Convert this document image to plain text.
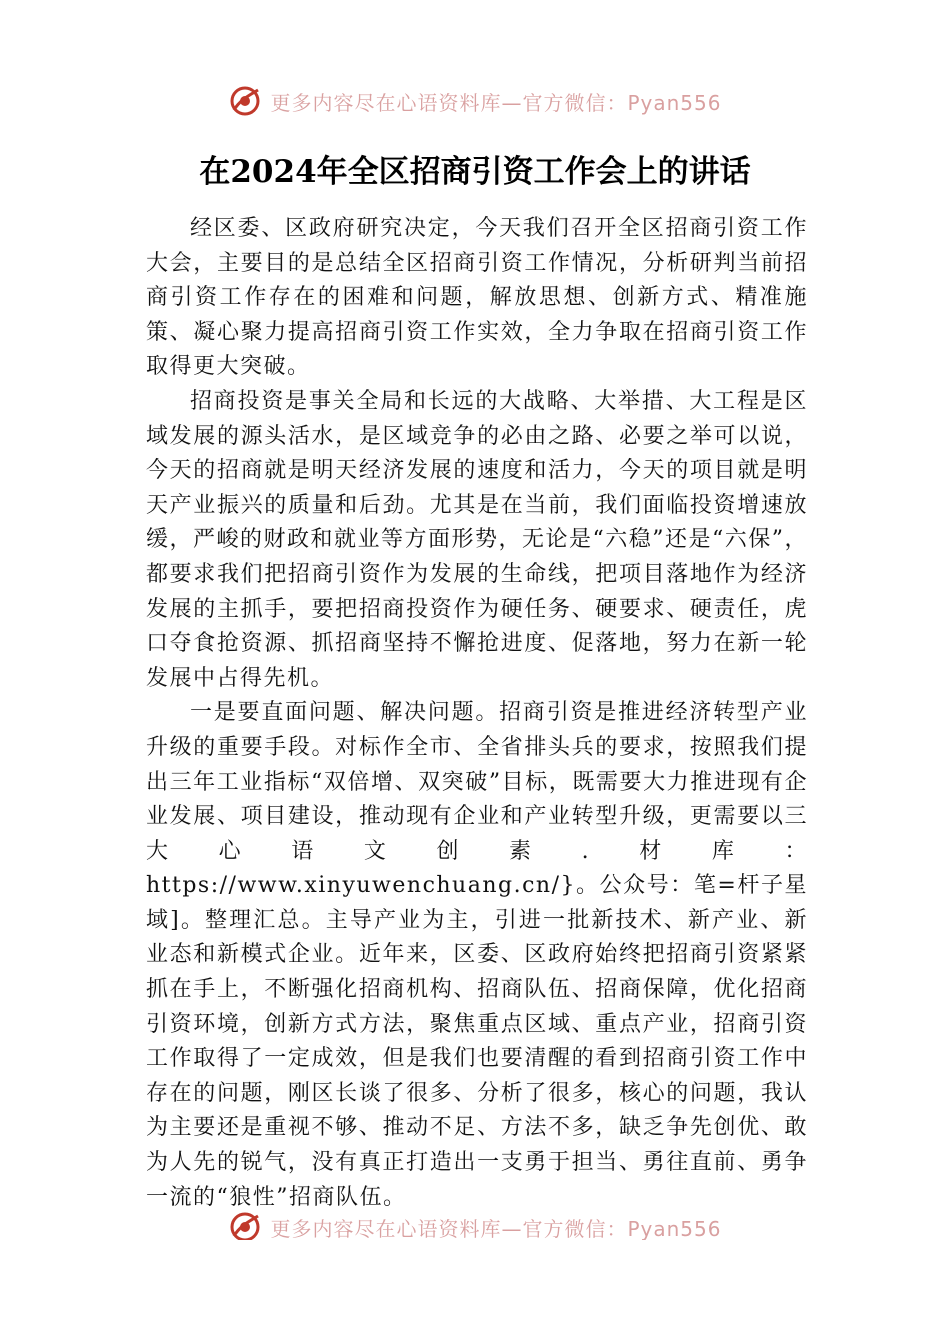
更多内容尽在心语资料库—官方微信：Pyan556
在2024年全区招商引资工作会上的讲话

经区委、区政府研究决定，今天我们召开全区招商引资工作大会，主要目的是总结全区招商引资工作情况，分析研判当前招商引资工作存在的困难和问题，解放思想、创新方式、精准施策、凝心聚力提高招商引资工作实效，全力争取在招商引资工作取得更大突破。

招商投资是事关全局和长远的大战略、大举措、大工程是区域发展的源头活水，是区域竞争的必由之路、必要之举可以说，今天的招商就是明天经济发展的速度和活力，今天的项目就是明天产业振兴的质量和后劲。尤其是在当前，我们面临投资增速放缓，严峻的财政和就业等方面形势，无论是“六稳”还是“六保”，都要求我们把招商引资作为发展的生命线，把项目落地作为经济发展的主抓手，要把招商投资作为硬任务、硬要求、硬责任，虎口夺食抢资源、抓招商坚持不懈抢进度、促落地，努力在新一轮发展中占得先机。

一是要直面问题、解决问题。招商引资是推进经济转型产业升级的重要手段。对标作全市、全省排头兵的要求，按照我们提出三年工业指标“双倍增、双突破”目标，既需要大力推进现有企业发展、项目建设，推动现有企业和产业转型升级，更需要以三大心语文创素.材库：https://www.xinyuwenchuang.cn/}。公众号：笔=杆子星域]。整理汇总。主导产业为主，引进一批新技术、新产业、新业态和新模式企业。近年来，区委、区政府始终把招商引资紧紧抓在手上，不断强化招商机构、招商队伍、招商保障，优化招商引资环境，创新方式方法，聚焦重点区域、重点产业，招商引资工作取得了一定成效，但是我们也要清醒的看到招商引资工作中存在的问题，刚区长谈了很多、分析了很多，核心的问题，我认为主要还是重视不够、推动不足、方法不多，缺乏争先创优、敢为人先的锐气，没有真正打造出一支勇于担当、勇往直前、勇争一流的“狼性”招商队伍。

更多内容尽在心语资料库—官方微信：Pyan556
